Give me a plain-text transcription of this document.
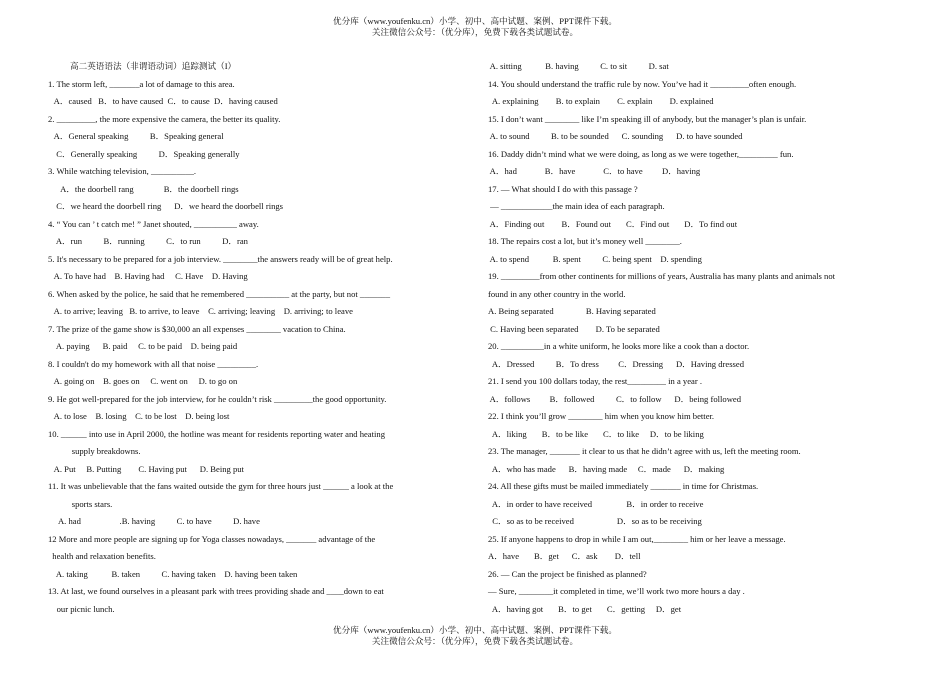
优分库（www.youfenku.cn）小学、初中、高中试题、案例、PPT课件下载。
关注微信公众号：（优分库），免费下载各类试题试卷。
高二英语语法（非谓语动词）追踪测试（I）
1. The storm left, _______a lot of damage to this area.
A．caused   B．to have caused  C．to cause  D．having caused
2. _________, the more expensive the camera, the better its quality.
A．General speaking          B．Speaking general
C．Generally speaking          D．Speaking generally
3. While watching television, __________.
A．the doorbell rang              B．the doorbell rings
C．we heard the doorbell ring      D．we heard the doorbell rings
4. “ You can ’ t catch me! ” Janet shouted, __________ away.
A．run          B．running          C．to run          D．ran
5. It's necessary to be prepared for a job interview. ________the answers ready will be of great help.
A. To have had    B. Having had     C. Have    D. Having
6. When asked by the police, he said that he remembered __________ at the party, but not _______
A. to arrive; leaving   B. to arrive, to leave    C. arriving; leaving    D. arriving; to leave
7. The prize of the game show is $30,000 an all expenses ________ vacation to China.
A. paying      B. paid     C. to be paid    D. being paid
8. I couldn't do my homework with all that noise _________.
A. going on    B. goes on     C. went on     D. to go on
9. He got well-prepared for the job interview, for he couldn’t risk _________the good opportunity.
A. to lose    B. losing    C. to be lost    D. being lost
10. ______ into use in April 2000, the hotline was meant for residents reporting water and heating
supply breakdowns.
A. Put     B. Putting        C. Having put      D. Being put
11. It was unbelievable that the fans waited outside the gym for three hours just ______ a look at the
sports stars.
A. had                  .B. having          C. to have          D. have
12 More and more people are signing up for Yoga classes nowadays, _______ advantage of the
health and relaxation benefits.
A. taking           B. taken          C. having taken    D. having been taken
13. At last, we found ourselves in a pleasant park with trees providing shade and ____down to eat
our picnic lunch.
A. sitting           B. having          C. to sit          D. sat
14. You should understand the traffic rule by now. You’ve had it _________often enough.
A. explaining        B. to explain        C. explain        D. explained
15. I don’t want ________ like I’m speaking ill of anybody, but the manager’s plan is unfair.
A. to sound          B. to be sounded      C. sounding      D. to have sounded
16. Daddy didn’t mind what we were doing, as long as we were together,_________ fun.
A．had             B．have             C．to have         D．having
17. — What should I do with this passage ?
— ____________the main idea of each paragraph.
A．Finding out        B．Found out       C．Find out       D．To find out
18. The repairs cost a lot, but it’s money well ________.
A. to spend           B. spent          C. being spent    D. spending
19. _________from other continents for millions of years, Australia has many plants and animals not
found in any other country in the world.
A. Being separated               B. Having separated
C. Having been separated        D. To be separated
20. __________in a white uniform, he looks more like a cook than a doctor.
A．Dressed          B．To dress         C．Dressing      D．Having dressed
21. I send you 100 dollars today, the rest_________ in a year .
A．follows         B．followed          C．to follow      D．being followed
22. I think you’ll grow ________ him when you know him better.
A．liking       B．to be like       C．to like     D．to be liking
23. The manager, _______ it clear to us that he didn’t agree with us, left the meeting room.
A．who has made      B．having made     C．made      D．making
24. All these gifts must be mailed immediately _______ in time for Christmas.
A．in order to have received                B．in order to receive
C．so as to be received                    D．so as to be receiving
25. If anyone happens to drop in while I am out,________ him or her leave a message.
A．have       B．get      C．ask        D．tell
26. — Can the project be finished as planned?
— Sure, ________it completed in time, we’ll work two more hours a day .
A．having got       B．to get       C．getting     D．get
优分库（www.youfenku.cn）小学、初中、高中试题、案例、PPT课件下载。
关注微信公众号：（优分库），免费下载各类试题试卷。
